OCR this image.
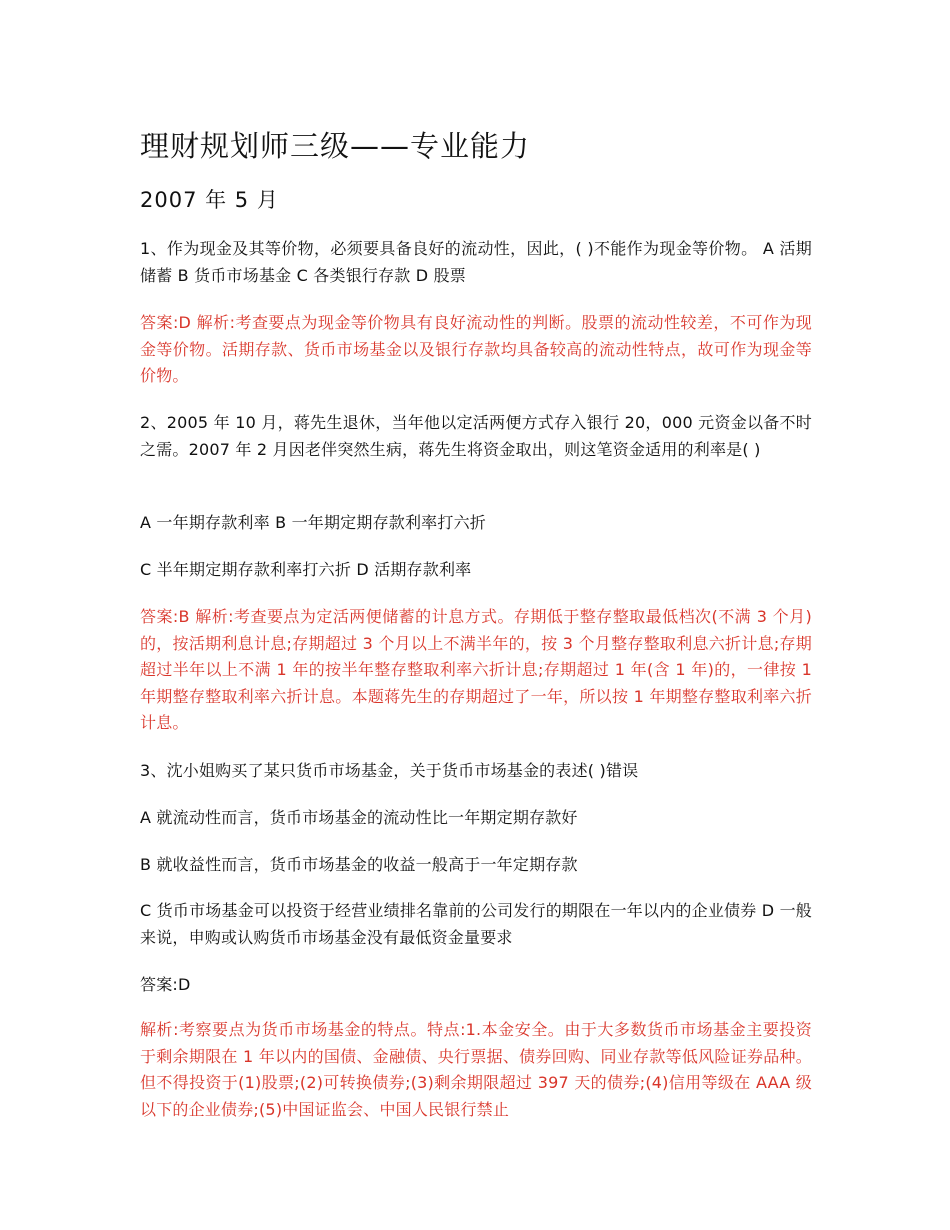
理财规划师三级——专业能力
2007 年 5 月
1、作为现金及其等价物，必须要具备良好的流动性，因此，( )不能作为现金等价物。 A 活期储蓄 B 货币市场基金 C 各类银行存款 D 股票
答案:D 解析:考查要点为现金等价物具有良好流动性的判断。股票的流动性较差，不可作为现金等价物。活期存款、货币市场基金以及银行存款均具备较高的流动性特点，故可作为现金等价物。
2、2005 年 10 月，蒋先生退休，当年他以定活两便方式存入银行 20，000 元资金以备不时之需。2007 年 2 月因老伴突然生病，蒋先生将资金取出，则这笔资金适用的利率是( )
A 一年期存款利率 B 一年期定期存款利率打六折
C 半年期定期存款利率打六折 D 活期存款利率
答案:B 解析:考查要点为定活两便储蓄的计息方式。存期低于整存整取最低档次(不满 3 个月)的，按活期利息计息;存期超过 3 个月以上不满半年的，按 3 个月整存整取利息六折计息;存期超过半年以上不满 1 年的按半年整存整取利率六折计息;存期超过 1 年(含 1 年)的，一律按 1 年期整存整取利率六折计息。本题蒋先生的存期超过了一年，所以按 1 年期整存整取利率六折计息。
3、沈小姐购买了某只货币市场基金，关于货币市场基金的表述( )错误
A 就流动性而言，货币市场基金的流动性比一年期定期存款好
B 就收益性而言，货币市场基金的收益一般高于一年定期存款
C 货币市场基金可以投资于经营业绩排名靠前的公司发行的期限在一年以内的企业债券 D 一般来说，申购或认购货币市场基金没有最低资金量要求
答案:D
解析:考察要点为货币市场基金的特点。特点:1.本金安全。由于大多数货币市场基金主要投资于剩余期限在 1 年以内的国债、金融债、央行票据、债券回购、同业存款等低风险证券品种。但不得投资于(1)股票;(2)可转换债券;(3)剩余期限超过 397 天的债券;(4)信用等级在 AAA 级以下的企业债券;(5)中国证监会、中国人民银行禁止
